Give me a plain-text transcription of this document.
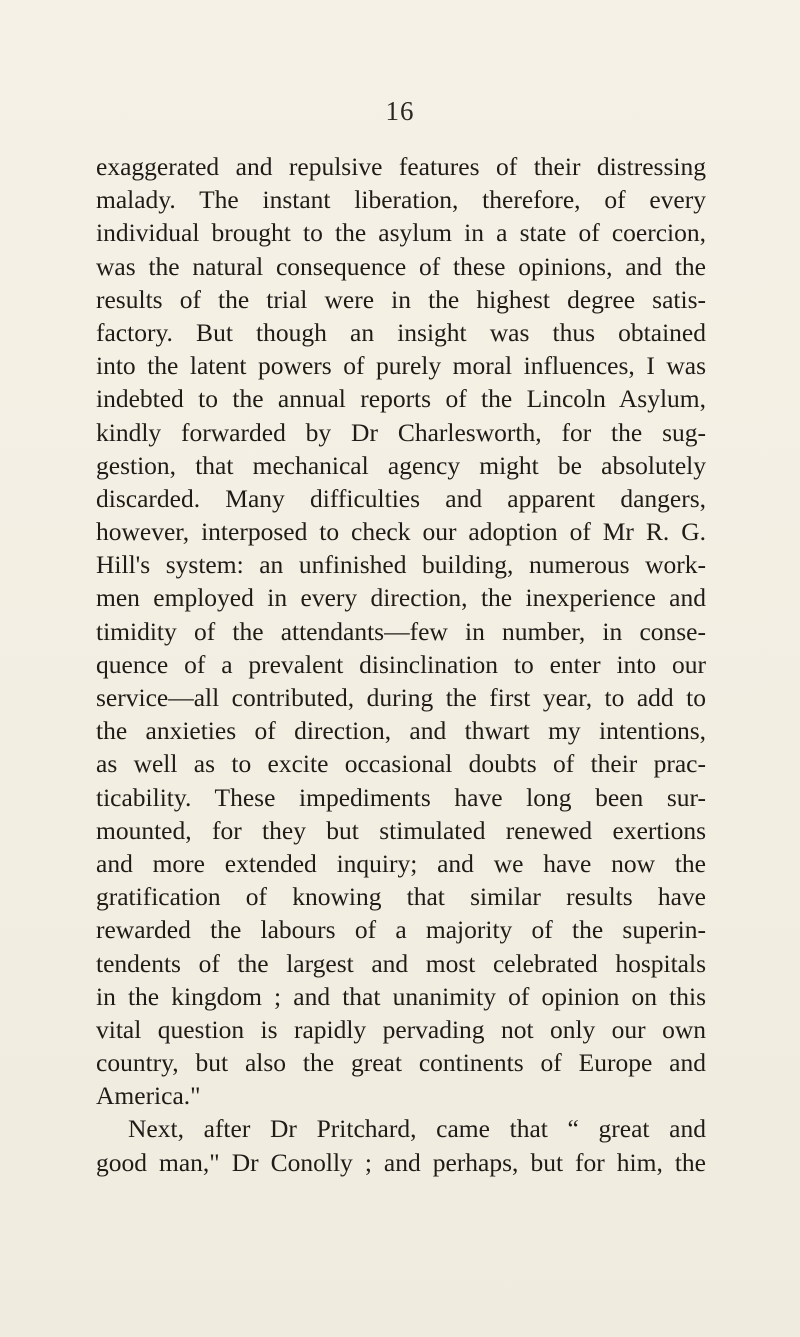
16
exaggerated and repulsive features of their distressing
malady. The instant liberation, therefore, of every
individual brought to the asylum in a state of coercion,
was the natural consequence of these opinions, and the
results of the trial were in the highest degree satis-
factory. But though an insight was thus obtained
into the latent powers of purely moral influences, I was
indebted to the annual reports of the Lincoln Asylum,
kindly forwarded by Dr Charlesworth, for the sug-
gestion, that mechanical agency might be absolutely
discarded. Many difficulties and apparent dangers,
however, interposed to check our adoption of Mr R. G.
Hill's system: an unfinished building, numerous work-
men employed in every direction, the inexperience and
timidity of the attendants—few in number, in conse-
quence of a prevalent disinclination to enter into our
service—all contributed, during the first year, to add to
the anxieties of direction, and thwart my intentions,
as well as to excite occasional doubts of their prac-
ticability. These impediments have long been sur-
mounted, for they but stimulated renewed exertions
and more extended inquiry; and we have now the
gratification of knowing that similar results have
rewarded the labours of a majority of the superin-
tendents of the largest and most celebrated hospitals
in the kingdom ; and that unanimity of opinion on this
vital question is rapidly pervading not only our own
country, but also the great continents of Europe and
America."
Next, after Dr Pritchard, came that “ great and
good man," Dr Conolly ; and perhaps, but for him, the
